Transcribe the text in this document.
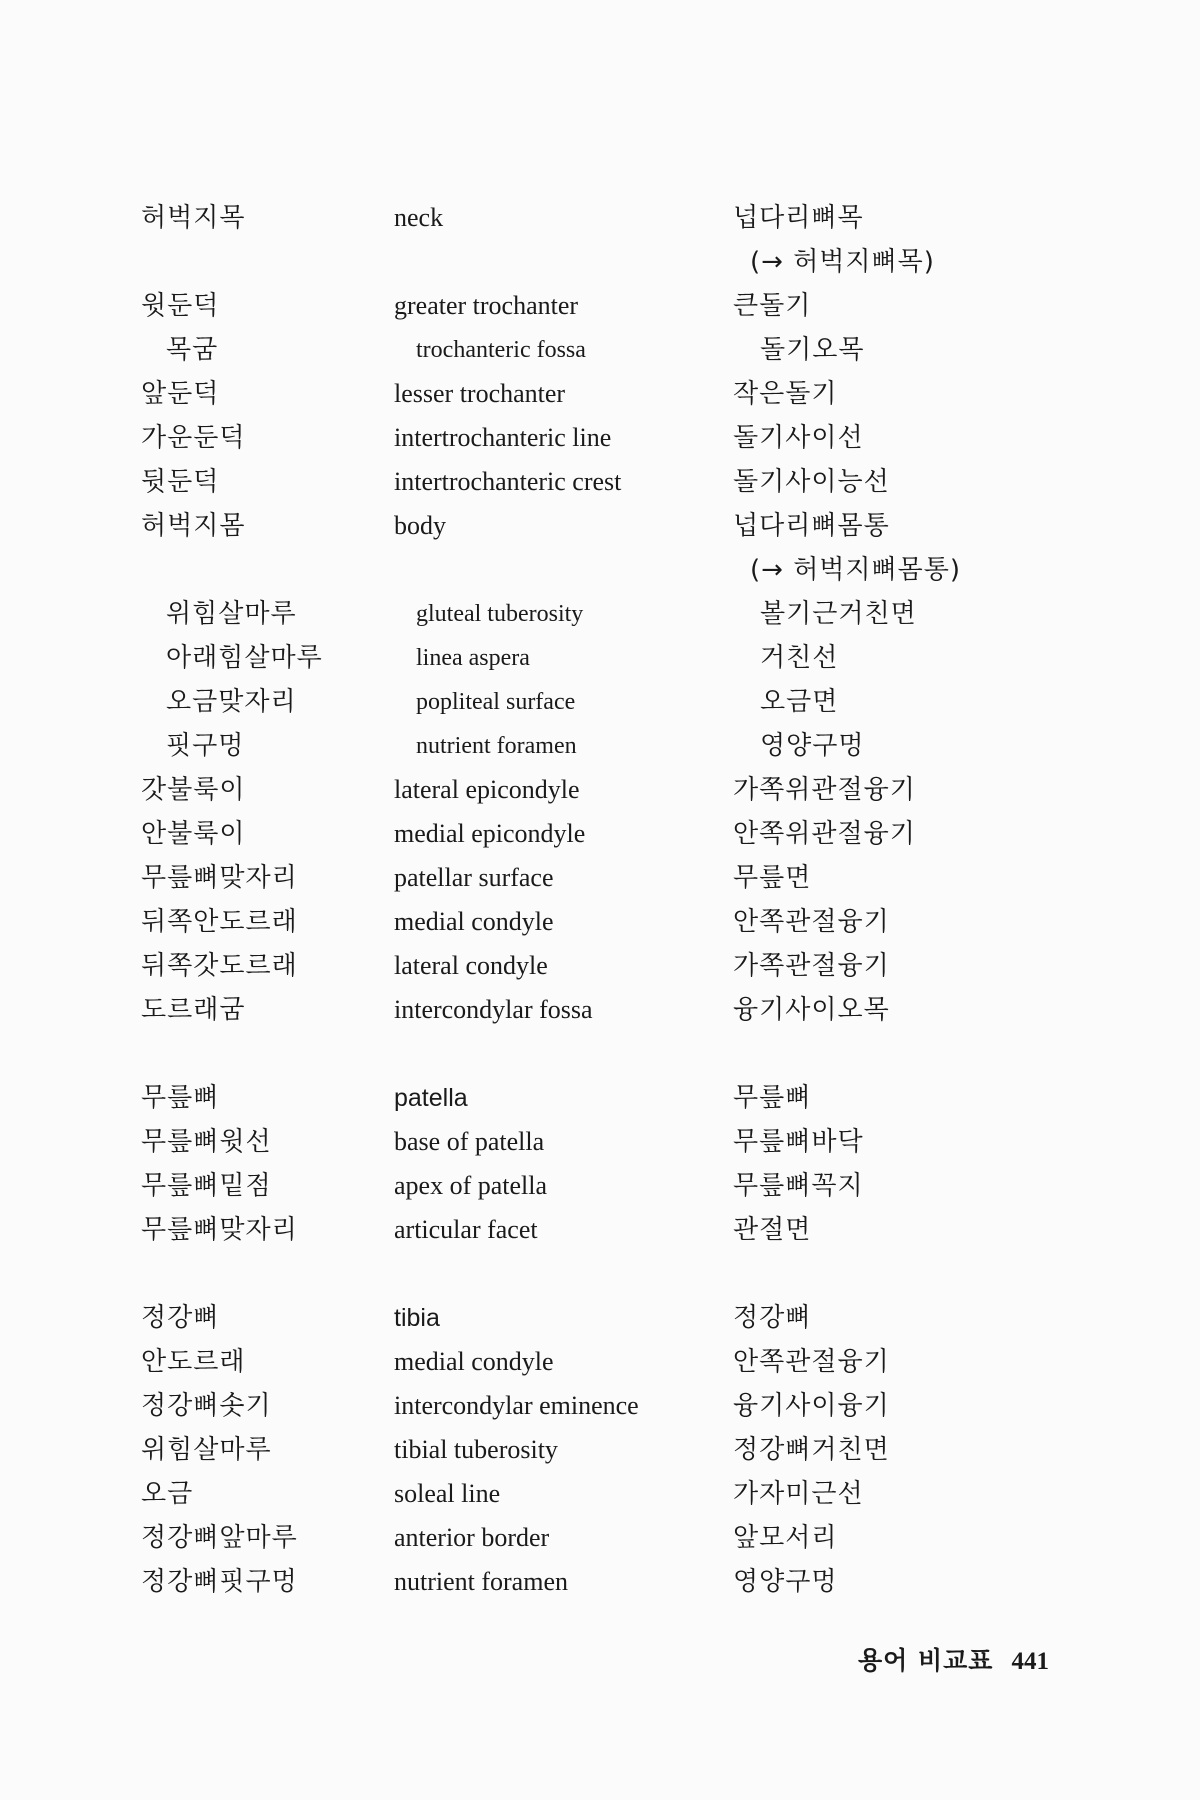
허벅지목	neck	넙다리뼈목
(→ 허벅지뼈목)
윗둔덕	greater trochanter	큰돌기
목굼	trochanteric fossa	돌기오목
앞둔덕	lesser trochanter	작은돌기
가운둔덕	intertrochanteric line	돌기사이선
뒷둔덕	intertrochanteric crest	돌기사이능선
허벅지몸	body	넙다리뼈몸통
(→ 허벅지뼈몸통)
위힘살마루	gluteal tuberosity	볼기근거친면
아래힘살마루	linea aspera	거친선
오금맞자리	popliteal surface	오금면
핏구멍	nutrient foramen	영양구멍
갓불룩이	lateral epicondyle	가쪽위관절융기
안불룩이	medial epicondyle	안쪽위관절융기
무릎뼈맞자리	patellar surface	무릎면
뒤쪽안도르래	medial condyle	안쪽관절융기
뒤쪽갓도르래	lateral condyle	가쪽관절융기
도르래굼	intercondylar fossa	융기사이오목
무릎뼈	patella	무릎뼈
무릎뼈윗선	base of patella	무릎뼈바닥
무릎뼈밑점	apex of patella	무릎뼈꼭지
무릎뼈맞자리	articular facet	관절면
정강뼈	tibia	정강뼈
안도르래	medial condyle	안쪽관절융기
정강뼈솟기	intercondylar eminence	융기사이융기
위힘살마루	tibial tuberosity	정강뼈거친면
오금	soleal line	가자미근선
정강뼈앞마루	anterior border	앞모서리
정강뼈핏구멍	nutrient foramen	영양구멍
용어 비교표 441
